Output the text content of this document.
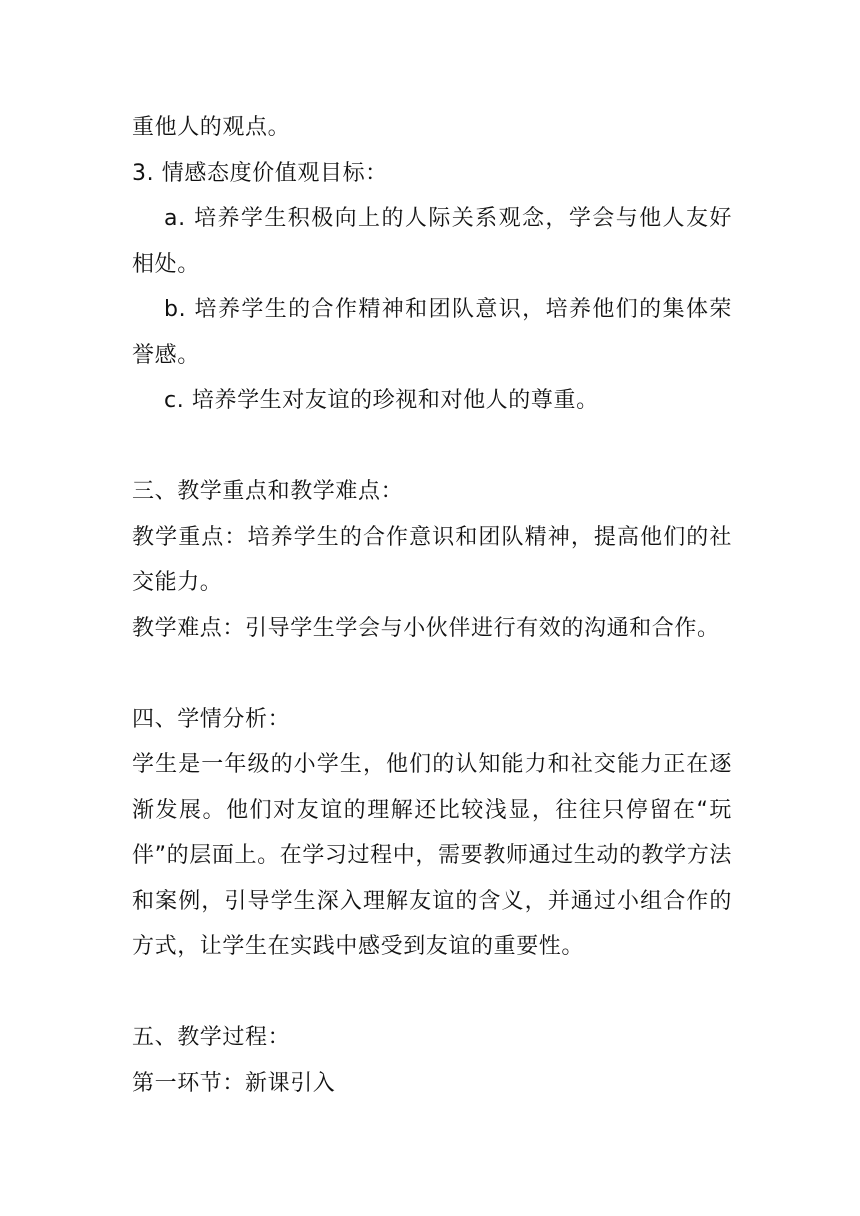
重他人的观点。

3. 情感态度价值观目标：

a. 培养学生积极向上的人际关系观念，学会与他人友好相处。

b. 培养学生的合作精神和团队意识，培养他们的集体荣誉感。

c. 培养学生对友谊的珍视和对他人的尊重。

三、教学重点和教学难点：

教学重点：培养学生的合作意识和团队精神，提高他们的社交能力。

教学难点：引导学生学会与小伙伴进行有效的沟通和合作。

四、学情分析：

学生是一年级的小学生，他们的认知能力和社交能力正在逐渐发展。他们对友谊的理解还比较浅显，往往只停留在“玩伴”的层面上。在学习过程中，需要教师通过生动的教学方法和案例，引导学生深入理解友谊的含义，并通过小组合作的方式，让学生在实践中感受到友谊的重要性。

五、教学过程：

第一环节：新课引入
